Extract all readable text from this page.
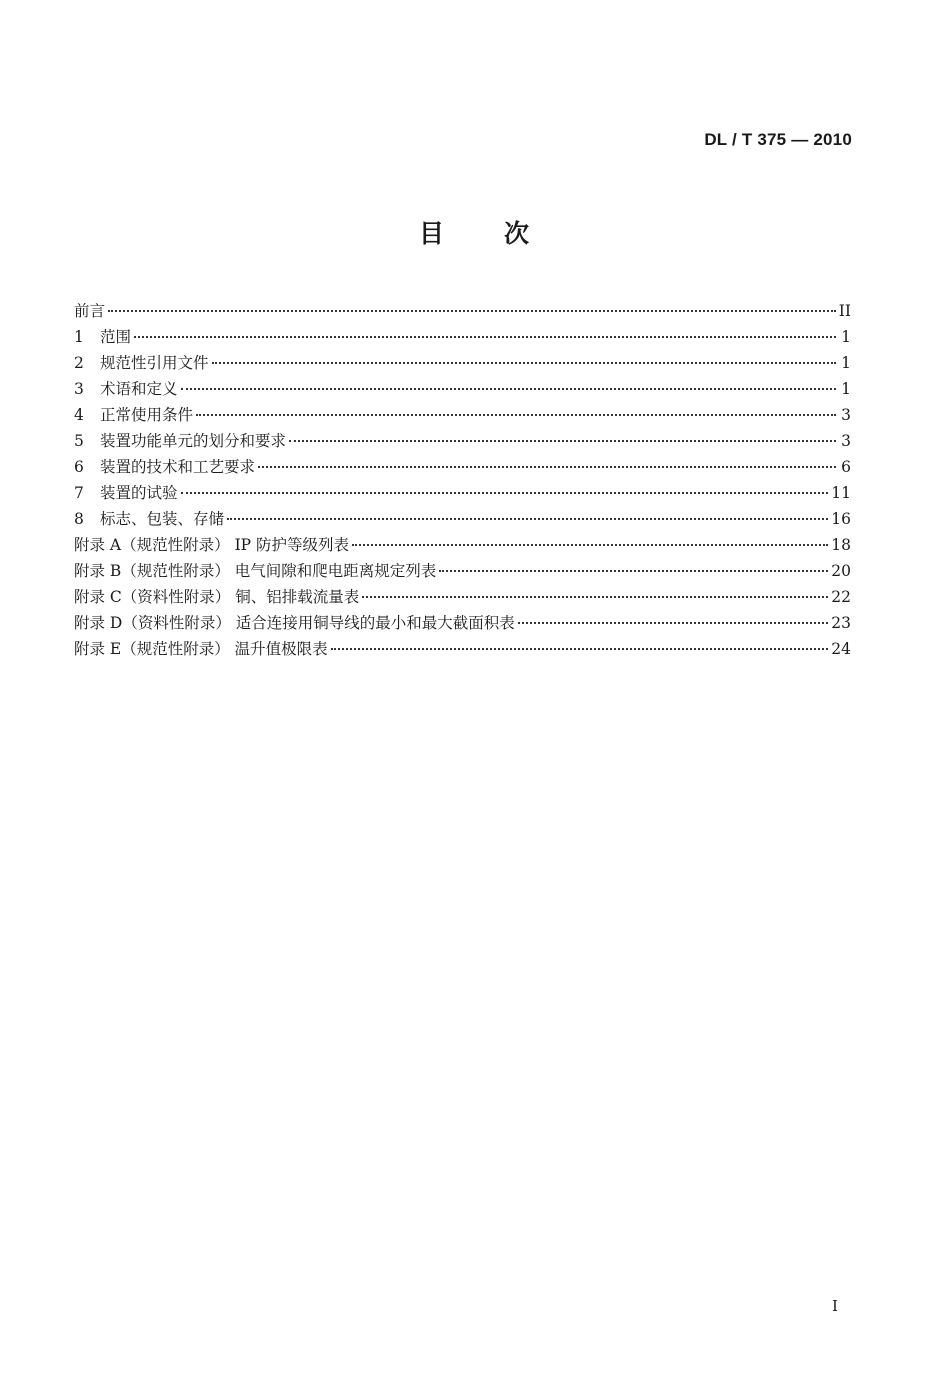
DL / T 375 — 2010
目 次
前言	II
1	范围	1
2	规范性引用文件	1
3	术语和定义	1
4	正常使用条件	3
5	装置功能单元的划分和要求	3
6	装置的技术和工艺要求	6
7	装置的试验	11
8	标志、包装、存储	16
附录 A（规范性附录） IP 防护等级列表	18
附录 B（规范性附录） 电气间隙和爬电距离规定列表	20
附录 C（资料性附录） 铜、铝排载流量表	22
附录 D（资料性附录） 适合连接用铜导线的最小和最大截面积表	23
附录 E（规范性附录） 温升值极限表	24
I
